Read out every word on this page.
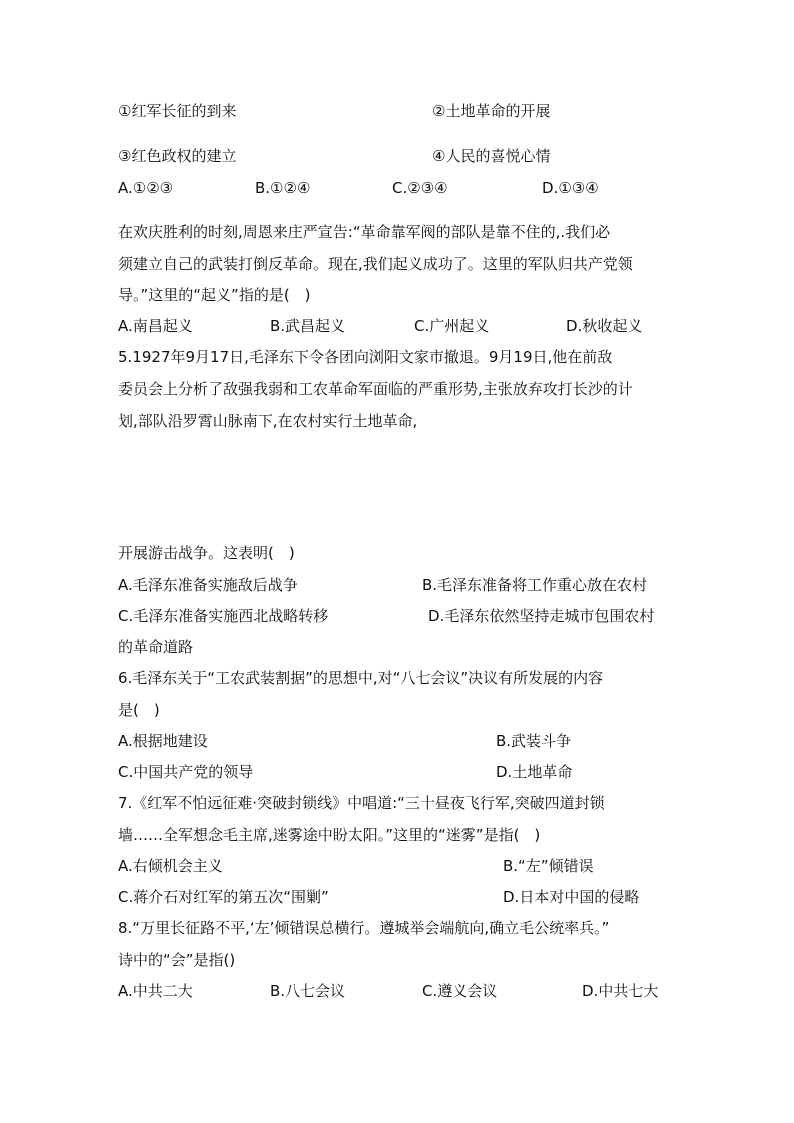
①红军长征的到来	②土地革命的开展
③红色政权的建立	④人民的喜悦心情
A.①②③	B.①②④	C.②③④	D.①③④
在欢庆胜利的时刻,周恩来庄严宣告:“革命靠军阀的部队是靠不住的,.我们必
须建立自己的武装打倒反革命。现在,我们起义成功了。这里的军队归共产党领
导。”这里的“起义”指的是(　)
A.南昌起义	B.武昌起义	C.广州起义	D.秋收起义
5.1927年9月17日,毛泽东下令各团向浏阳文家市撤退。9月19日,他在前敌
委员会上分析了敌强我弱和工农革命军面临的严重形势,主张放弃攻打长沙的计
划,部队沿罗霄山脉南下,在农村实行土地革命,
开展游击战争。这表明(　)
A.毛泽东准备实施敌后战争	B.毛泽东准备将工作重心放在农村
C.毛泽东准备实施西北战略转移	D.毛泽东依然坚持走城市包围农村
的革命道路
6.毛泽东关于“工农武装割据”的思想中,对“八七会议”决议有所发展的内容
是(　)
A.根据地建设	B.武装斗争
C.中国共产党的领导	D.土地革命
7.《红军不怕远征难·突破封锁线》中唱道:“三十昼夜飞行军,突破四道封锁
墙……全军想念毛主席,迷雾途中盼太阳。”这里的“迷雾”是指(　)
A.右倾机会主义	B.“左”倾错误
C.蒋介石对红军的第五次“围剿”	D.日本对中国的侵略
8.“万里长征路不平,‘左’倾错误总横行。遵城举会端航向,确立毛公统率兵。”
诗中的“会”是指()
A.中共二大	B.八七会议	C.遵义会议	D.中共七大
